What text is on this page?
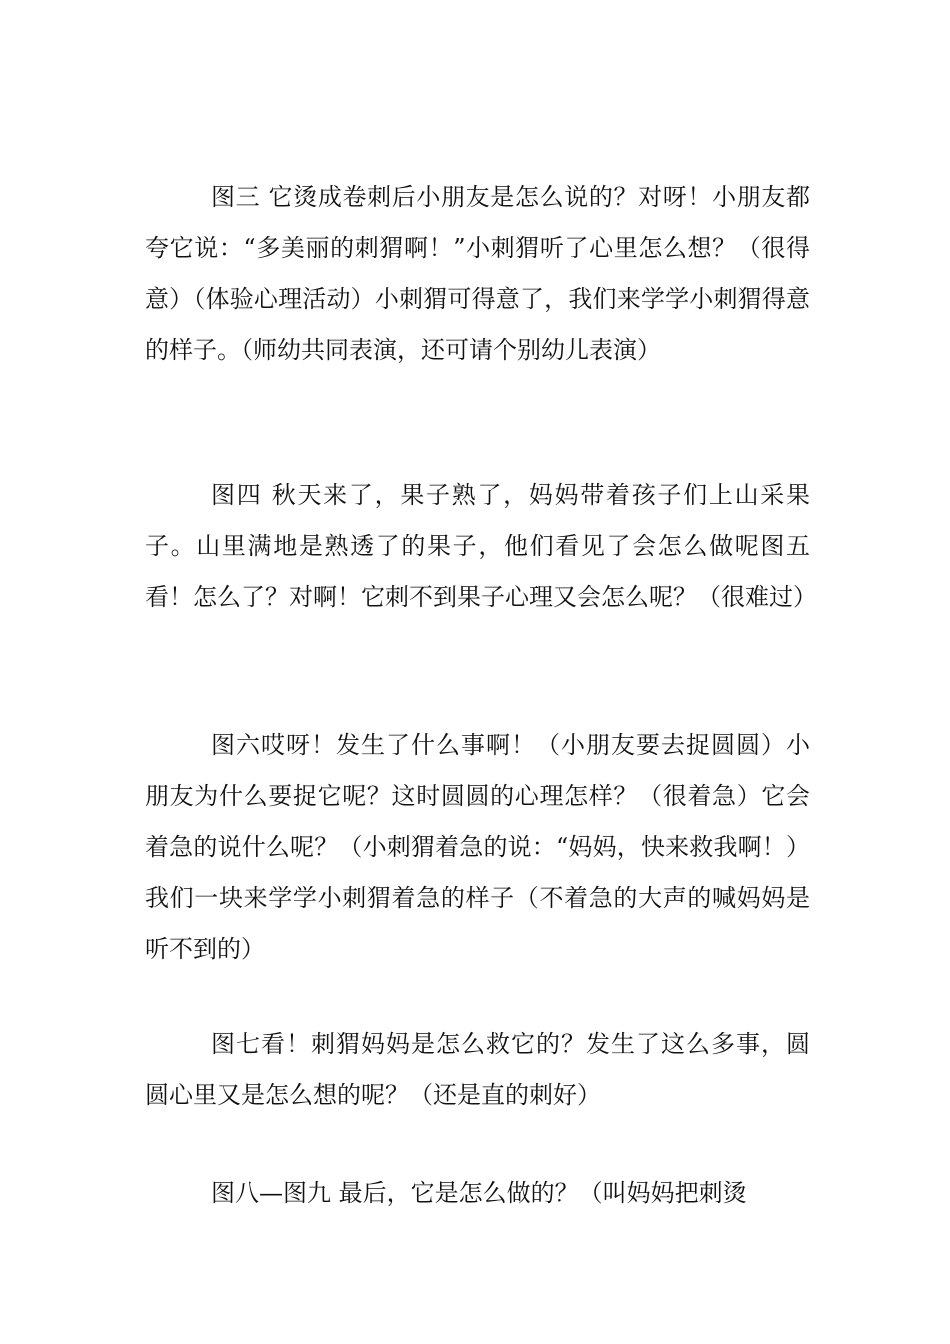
图三 它烫成卷刺后小朋友是怎么说的？对呀！小朋友都夸它说：“多美丽的刺猬啊！”小刺猬听了心里怎么想？（很得意）（体验心理活动）小刺猬可得意了，我们来学学小刺猬得意的样子。（师幼共同表演，还可请个别幼儿表演）

图四 秋天来了，果子熟了，妈妈带着孩子们上山采果子。山里满地是熟透了的果子，他们看见了会怎么做呢图五看！怎么了？对啊！它刺不到果子心理又会怎么呢？（很难过）

图六哎呀！发生了什么事啊！（小朋友要去捉圆圆）小朋友为什么要捉它呢？这时圆圆的心理怎样？（很着急）它会着急的说什么呢？（小刺猬着急的说：“妈妈，快来救我啊！）我们一块来学学小刺猬着急的样子（不着急的大声的喊妈妈是听不到的）

图七看！刺猬妈妈是怎么救它的？发生了这么多事，圆圆心里又是怎么想的呢？（还是直的刺好）

图八—图九 最后，它是怎么做的？（叫妈妈把刺烫
